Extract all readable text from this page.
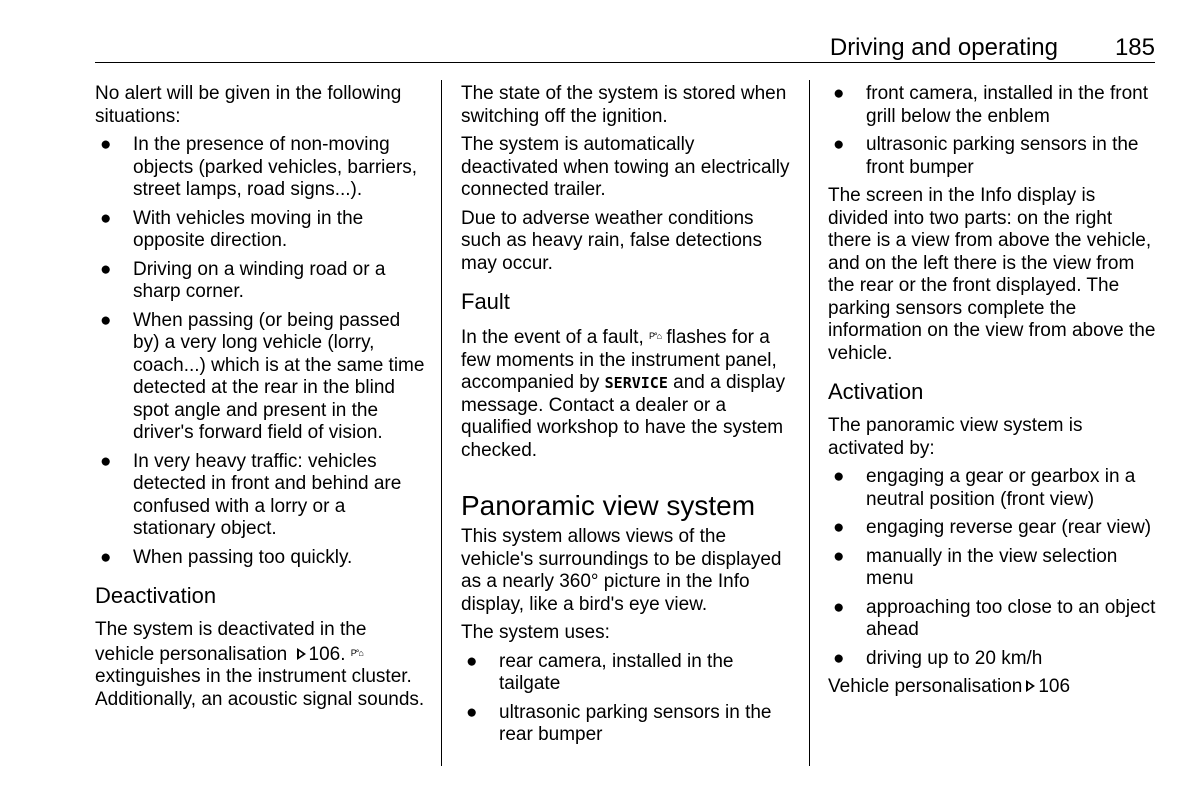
Driving and operating 185

No alert will be given in the following situations:

● In the presence of non-moving objects (parked vehicles, barriers, street lamps, road signs...).
● With vehicles moving in the opposite direction.
● Driving on a winding road or a sharp corner.
● When passing (or being passed by) a very long vehicle (lorry, coach...) which is at the same time detected at the rear in the blind spot angle and present in the driver's forward field of vision.
● In very heavy traffic: vehicles detected in front and behind are confused with a lorry or a stationary object.
● When passing too quickly.
Deactivation

The system is deactivated in the vehicle personalisation 106. $^{P^\circ⌂}$ extinguishes in the instrument cluster. Additionally, an acoustic signal sounds.

The state of the system is stored when switching off the ignition.

The system is automatically deactivated when towing an electrically connected trailer.

Due to adverse weather conditions such as heavy rain, false detections may occur.

Fault

In the event of a fault, $^{P^\circ⌂}$ flashes for a few moments in the instrument panel, accompanied by SERVICE and a display message. Contact a dealer or a qualified workshop to have the system checked.

Panoramic view system

This system allows views of the vehicle's surroundings to be displayed as a nearly 360° picture in the Info display, like a bird's eye view.

The system uses:

● rear camera, installed in the tailgate
● ultrasonic parking sensors in the rear bumper
● front camera, installed in the front grill below the enblem
● ultrasonic parking sensors in the front bumper

The screen in the Info display is divided into two parts: on the right there is a view from above the vehicle, and on the left there is the view from the rear or the front displayed. The parking sensors complete the information on the view from above the vehicle.

Activation

The panoramic view system is activated by:

● engaging a gear or gearbox in a neutral position (front view)
● engaging reverse gear (rear view)
● manually in the view selection menu
● approaching too close to an object ahead
● driving up to 20 km/h

Vehicle personalisation 106
